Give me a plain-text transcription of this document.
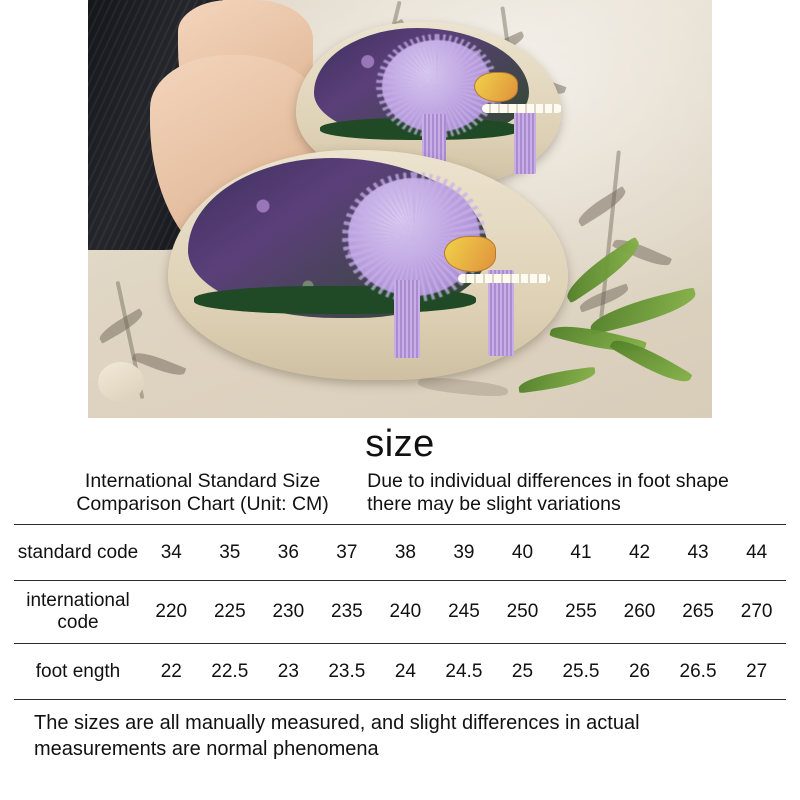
size
International Standard Size Comparison Chart (Unit: CM)
Due to individual differences in foot shape there may be slight variations
standard code	34	35	36	37	38	39	40	41	42	43	44
international code	220	225	230	235	240	245	250	255	260	265	270
foot ength	22	22.5	23	23.5	24	24.5	25	25.5	26	26.5	27
The sizes are all manually measured, and slight differences in actual measurements are normal phenomena
